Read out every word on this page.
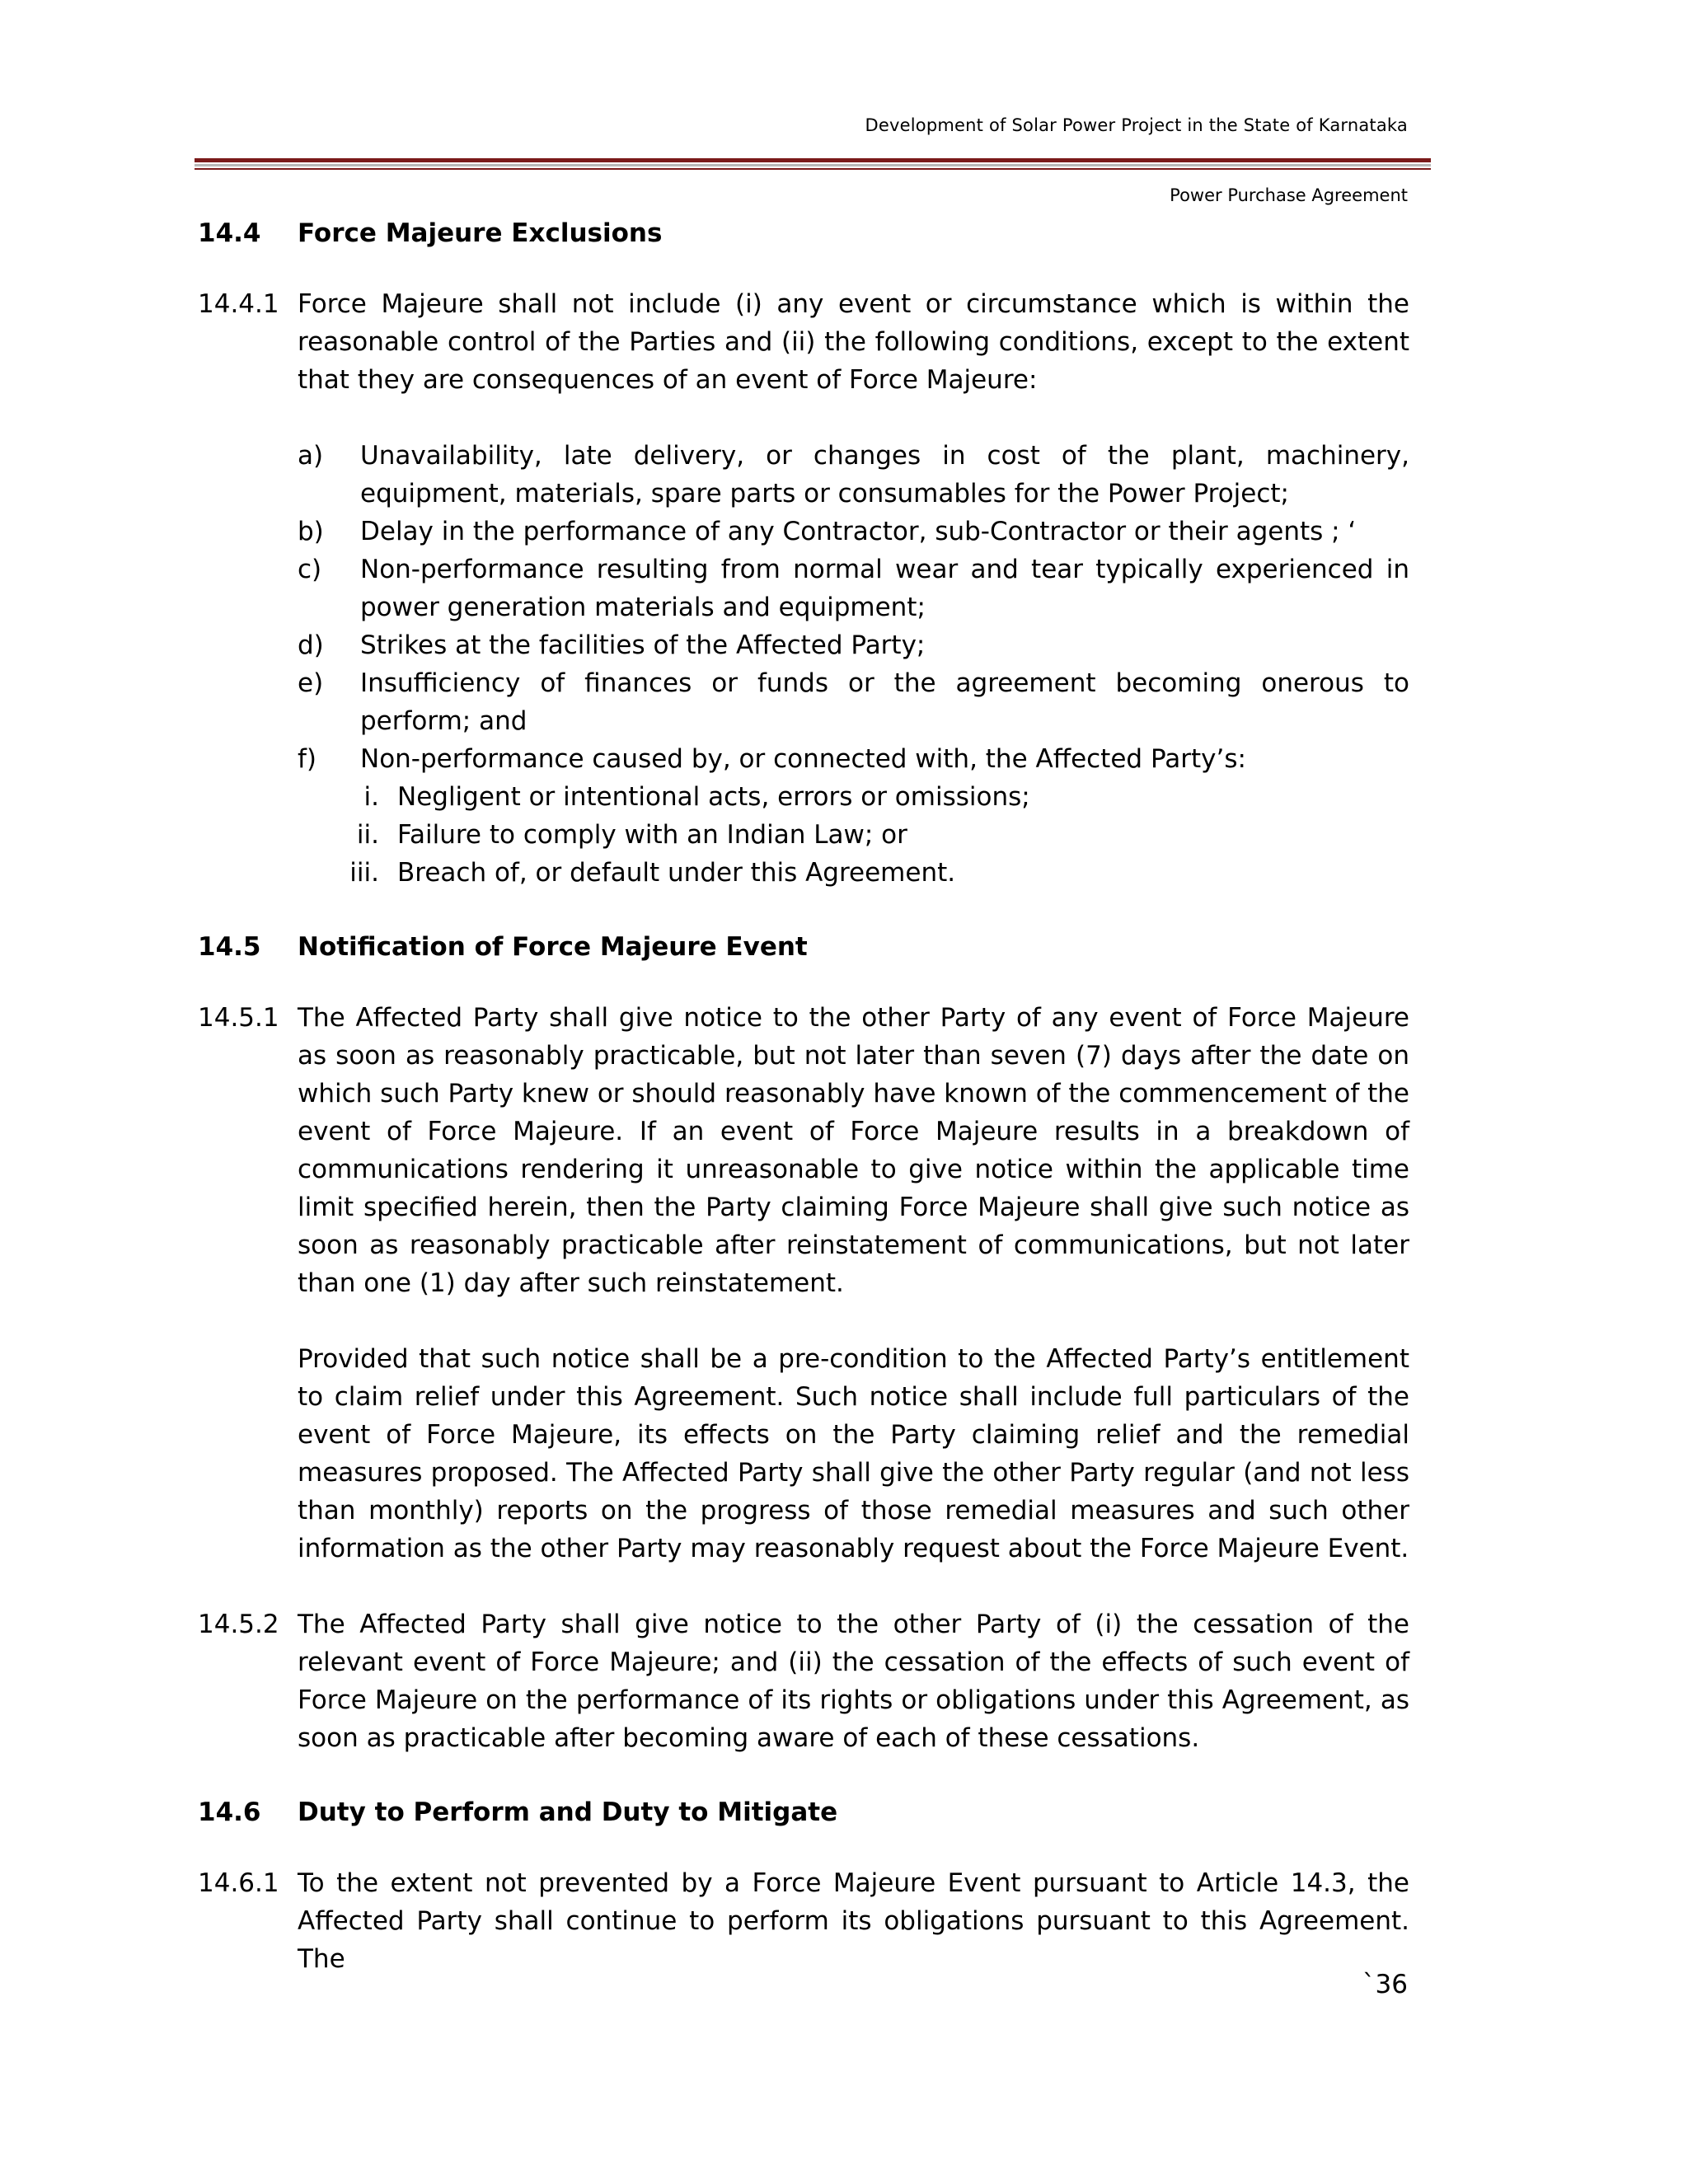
Development of Solar Power Project in the State of Karnataka
Power Purchase Agreement
14.4	Force Majeure Exclusions
14.4.1 Force Majeure shall not include (i) any event or circumstance which is within the reasonable control of the Parties and (ii) the following conditions, except to the extent that they are consequences of an event of Force Majeure:
a)	Unavailability, late delivery, or changes in cost of the plant, machinery, equipment, materials, spare parts or consumables for the Power Project;
b)	Delay in the performance of any Contractor, sub-Contractor or their agents ; ‘
c)	Non-performance resulting from normal wear and tear typically experienced in power generation materials and equipment;
d)	Strikes at the facilities of the Affected Party;
e)	Insufficiency of finances or funds or the agreement becoming onerous to perform; and
f)	Non-performance caused by, or connected with, the Affected Party’s:
i. Negligent or intentional acts, errors or omissions;
ii. Failure to comply with an Indian Law; or
iii. Breach of, or default under this Agreement.
14.5	Notification of Force Majeure Event
14.5.1 The Affected Party shall give notice to the other Party of any event of Force Majeure as soon as reasonably practicable, but not later than seven (7) days after the date on which such Party knew or should reasonably have known of the commencement of the event of Force Majeure. If an event of Force Majeure results in a breakdown of communications rendering it unreasonable to give notice within the applicable time limit specified herein, then the Party claiming Force Majeure shall give such notice as soon as reasonably practicable after reinstatement of communications, but not later than one (1) day after such reinstatement.
Provided that such notice shall be a pre-condition to the Affected Party’s entitlement to claim relief under this Agreement. Such notice shall include full particulars of the event of Force Majeure, its effects on the Party claiming relief and the remedial measures proposed. The Affected Party shall give the other Party regular (and not less than monthly) reports on the progress of those remedial measures and such other information as the other Party may reasonably request about the Force Majeure Event.
14.5.2 The Affected Party shall give notice to the other Party of (i) the cessation of the relevant event of Force Majeure; and (ii) the cessation of the effects of such event of Force Majeure on the performance of its rights or obligations under this Agreement, as soon as practicable after becoming aware of each of these cessations.
14.6	Duty to Perform and Duty to Mitigate
14.6.1 To the extent not prevented by a Force Majeure Event pursuant to Article 14.3, the Affected Party shall continue to perform its obligations pursuant to this Agreement. The
`36
